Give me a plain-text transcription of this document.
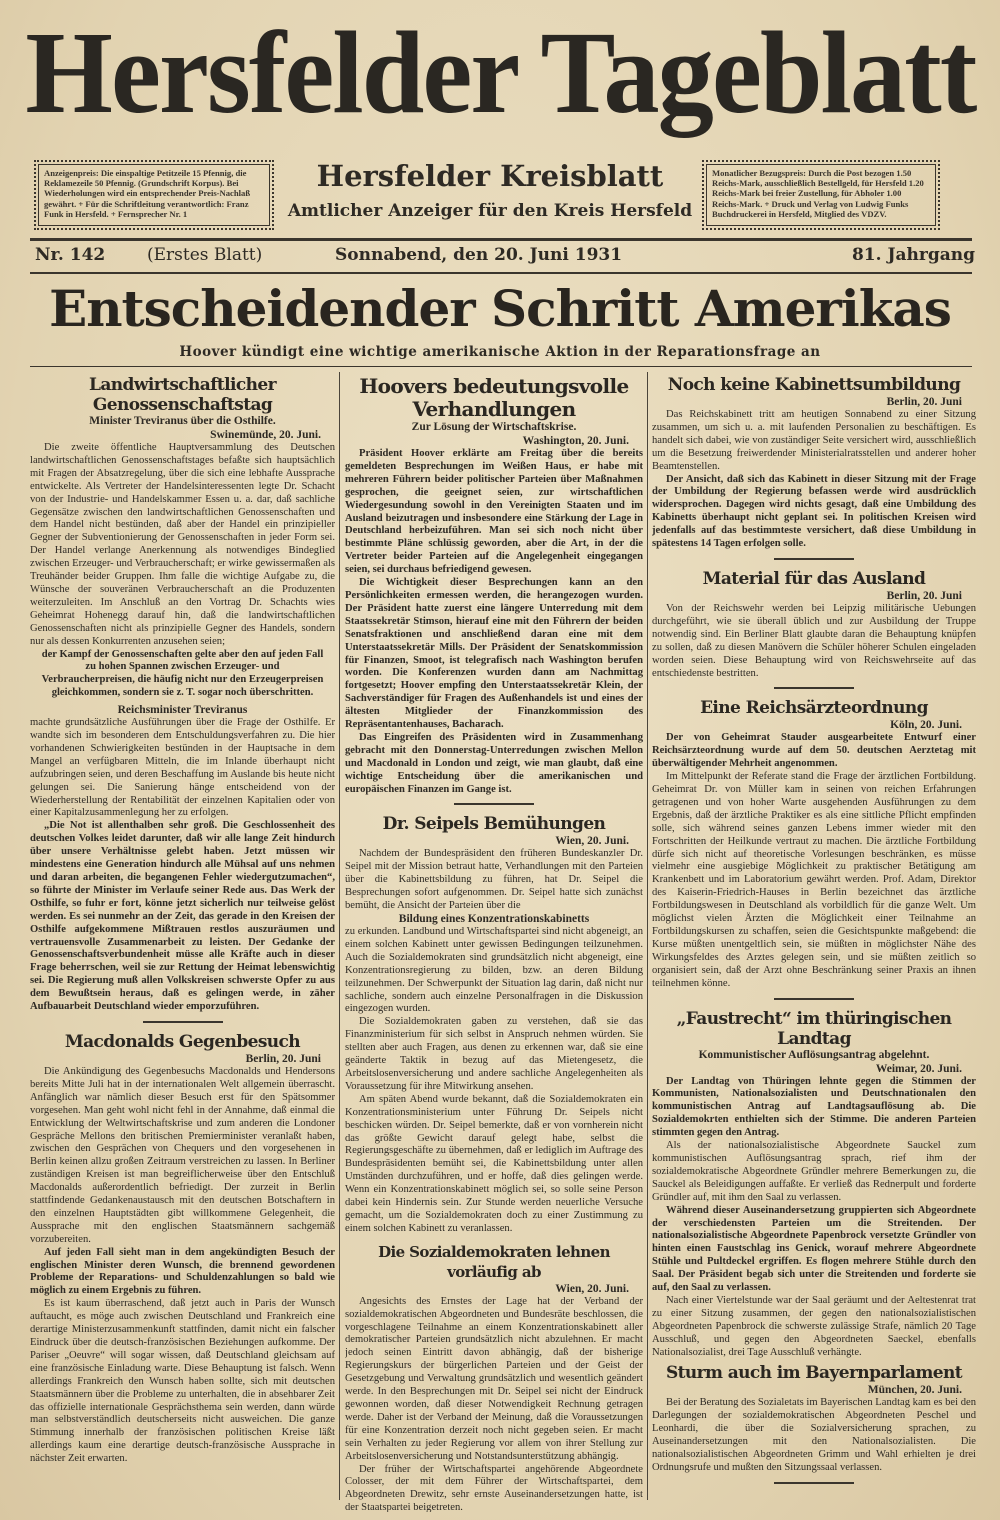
Hersfelder Tageblatt
Anzeigenpreis: Die einspaltige Petitzeile 15 Pfennig, die Reklamezeile 50 Pfennig. (Grundschrift Korpus). Bei Wiederholungen wird ein entsprechender Preis-Nachlaß gewährt. + Für die Schriftleitung verantwortlich: Franz Funk in Hersfeld. + Fernsprecher Nr. 1
Hersfelder Kreisblatt
Amtlicher Anzeiger für den Kreis Hersfeld
Monatlicher Bezugspreis: Durch die Post bezogen 1.50 Reichs-Mark, ausschließlich Bestellgeld, für Hersfeld 1.20 Reichs-Mark bei freier Zustellung, für Abholer 1.00 Reichs-Mark. + Druck und Verlag von Ludwig Funks Buchdruckerei in Hersfeld, Mitglied des VDZV.
Nr. 142 (Erstes Blatt)	Sonnabend, den 20. Juni 1931	81. Jahrgang
Entscheidender Schritt Amerikas
Hoover kündigt eine wichtige amerikanische Aktion in der Reparationsfrage an
Landwirtschaftlicher Genossenschaftstag
Minister Treviranus über die Osthilfe.
Swinemünde, 20. Juni.

Die zweite öffentliche Hauptversammlung des Deutschen landwirtschaftlichen Genossenschaftstages befaßte sich hauptsächlich mit Fragen der Absatzregelung, über die sich eine lebhafte Aussprache entwickelte. Als Vertreter der Handelsinteressenten legte Dr. Schacht von der Industrie- und Handelskammer Essen u. a. dar, daß sachliche Gegensätze zwischen den landwirtschaftlichen Genossenschaften und dem Handel nicht bestünden, daß aber der Handel ein prinzipieller Gegner der Subventionierung der Genossenschaften in jeder Form sei. Der Handel verlange Anerkennung als notwendiges Bindeglied zwischen Erzeuger- und Verbraucherschaft; er wirke gewissermaßen als Treuhänder beider Gruppen. Ihm falle die wichtige Aufgabe zu, die Wünsche der souveränen Verbraucherschaft an die Produzenten weiterzuleiten. Im Anschluß an den Vortrag Dr. Schachts wies Geheimrat Hohenegg darauf hin, daß die landwirtschaftlichen Genossenschaften nicht als prinzipielle Gegner des Handels, sondern nur als dessen Konkurrenten anzusehen seien;

der Kampf der Genossenschaften gelte aber den auf jeden Fall zu hohen Spannen zwischen Erzeuger- und Verbraucherpreisen, die häufig nicht nur den Erzeugerpreisen gleichkommen, sondern sie z. T. sogar noch überschritten.

Reichsminister Treviranus

machte grundsätzliche Ausführungen über die Frage der Osthilfe. Er wandte sich im besonderen dem Entschuldungsverfahren zu. Die hier vorhandenen Schwierigkeiten bestünden in der Hauptsache in dem Mangel an verfügbaren Mitteln, die im Inlande überhaupt nicht aufzubringen seien, und deren Beschaffung im Auslande bis heute nicht gelungen sei. Die Sanierung hänge entscheidend von der Wiederherstellung der Rentabilität der einzelnen Kapitalien oder von einer Kapitalzusammenlegung her zu erfolgen.

„Die Not ist allenthalben sehr groß. Die Geschlossenheit des deutschen Volkes leidet darunter, daß wir alle lange Zeit hindurch über unsere Verhältnisse gelebt haben. Jetzt müssen wir mindestens eine Generation hindurch alle Mühsal auf uns nehmen und daran arbeiten, die begangenen Fehler wiedergutzumachen“, so führte der Minister im Verlaufe seiner Rede aus. Das Werk der Osthilfe, so fuhr er fort, könne jetzt sicherlich nur teilweise gelöst werden. Es sei nunmehr an der Zeit, das gerade in den Kreisen der Osthilfe aufgekommene Mißtrauen restlos auszuräumen und vertrauensvolle Zusammenarbeit zu leisten. Der Gedanke der Genossenschaftsverbundenheit müsse alle Kräfte auch in dieser Frage beherrschen, weil sie zur Rettung der Heimat lebenswichtig sei. Die Regierung muß allen Volkskreisen schwerste Opfer zu aus dem Bewußtsein heraus, daß es gelingen werde, in zäher Aufbauarbeit Deutschland wieder emporzuführen.

Macdonalds Gegenbesuch
Berlin, 20. Juni

Die Ankündigung des Gegenbesuchs Macdonalds und Hendersons bereits Mitte Juli hat in der internationalen Welt allgemein überrascht. Anfänglich war nämlich dieser Besuch erst für den Spätsommer vorgesehen. Man geht wohl nicht fehl in der Annahme, daß einmal die Entwicklung der Weltwirtschaftskrise und zum anderen die Londoner Gespräche Mellons den britischen Premierminister veranlaßt haben, zwischen den Gesprächen von Chequers und den vorgesehenen in Berlin keinen allzu großen Zeitraum verstreichen zu lassen. In Berliner zuständigen Kreisen ist man begreiflicherweise über den Entschluß Macdonalds außerordentlich befriedigt. Der zurzeit in Berlin stattfindende Gedankenaustausch mit den deutschen Botschaftern in den einzelnen Hauptstädten gibt willkommene Gelegenheit, die Aussprache mit den englischen Staatsmännern sachgemäß vorzubereiten.

Auf jeden Fall sieht man in dem angekündigten Besuch der englischen Minister deren Wunsch, die brennend gewordenen Probleme der Reparations- und Schuldenzahlungen so bald wie möglich zu einem Ergebnis zu führen.

Es ist kaum überraschend, daß jetzt auch in Paris der Wunsch auftaucht, es möge auch zwischen Deutschland und Frankreich eine derartige Ministerzusammenkunft stattfinden, damit nicht ein falscher Eindruck über die deutsch-französischen Beziehungen aufkomme. Der Pariser „Oeuvre“ will sogar wissen, daß Deutschland gleichsam auf eine französische Einladung warte. Diese Behauptung ist falsch. Wenn allerdings Frankreich den Wunsch haben sollte, sich mit deutschen Staatsmännern über die Probleme zu unterhalten, die in absehbarer Zeit das offizielle internationale Gesprächsthema sein werden, dann würde man selbstverständlich deutscherseits nicht ausweichen. Die ganze Stimmung innerhalb der französischen politischen Kreise läßt allerdings kaum eine derartige deutsch-französische Aussprache in nächster Zeit erwarten.

Hoovers bedeutungsvolle Verhandlungen
Zur Lösung der Wirtschaftskrise.
Washington, 20. Juni.

Präsident Hoover erklärte am Freitag über die bereits gemeldeten Besprechungen im Weißen Haus, er habe mit mehreren Führern beider politischer Parteien über Maßnahmen gesprochen, die geeignet seien, zur wirtschaftlichen Wiedergesundung sowohl in den Vereinigten Staaten und im Ausland beizutragen und insbesondere eine Stärkung der Lage in Deutschland herbeizuführen. Man sei sich noch nicht über bestimmte Pläne schlüssig geworden, aber die Art, in der die Vertreter beider Parteien auf die Angelegenheit eingegangen seien, sei durchaus befriedigend gewesen.

Die Wichtigkeit dieser Besprechungen kann an den Persönlichkeiten ermessen werden, die herangezogen wurden. Der Präsident hatte zuerst eine längere Unterredung mit dem Staatssekretär Stimson, hierauf eine mit den Führern der beiden Senatsfraktionen und anschließend daran eine mit dem Unterstaatssekretär Mills. Der Präsident der Senatskommission für Finanzen, Smoot, ist telegrafisch nach Washington berufen worden. Die Konferenzen wurden dann am Nachmittag fortgesetzt; Hoover empfing den Unterstaatssekretär Klein, der Sachverständiger für Fragen des Außenhandels ist und eines der ältesten Mitglieder der Finanzkommission des Repräsentantenhauses, Bacharach.

Das Eingreifen des Präsidenten wird in Zusammenhang gebracht mit den Donnerstag-Unterredungen zwischen Mellon und Macdonald in London und zeigt, wie man glaubt, daß eine wichtige Entscheidung über die amerikanischen und europäischen Finanzen im Gange ist.

Dr. Seipels Bemühungen
Wien, 20. Juni.

Nachdem der Bundespräsident den früheren Bundeskanzler Dr. Seipel mit der Mission betraut hatte, Verhandlungen mit den Parteien über die Kabinettsbildung zu führen, hat Dr. Seipel die Besprechungen sofort aufgenommen. Dr. Seipel hatte sich zunächst bemüht, die Ansicht der Parteien über die

Bildung eines Konzentrationskabinetts

zu erkunden. Landbund und Wirtschaftspartei sind nicht abgeneigt, an einem solchen Kabinett unter gewissen Bedingungen teilzunehmen. Auch die Sozialdemokraten sind grundsätzlich nicht abgeneigt, eine Konzentrationsregierung zu bilden, bzw. an deren Bildung teilzunehmen. Der Schwerpunkt der Situation lag darin, daß nicht nur sachliche, sondern auch einzelne Personalfragen in die Diskussion eingezogen wurden.

Die Sozialdemokraten gaben zu verstehen, daß sie das Finanzministerium für sich selbst in Anspruch nehmen würden. Sie stellten aber auch Fragen, aus denen zu erkennen war, daß sie eine geänderte Taktik in bezug auf das Mietengesetz, die Arbeitslosenversicherung und andere sachliche Angelegenheiten als Voraussetzung für ihre Mitwirkung ansehen.

Am späten Abend wurde bekannt, daß die Sozialdemokraten ein Konzentrationsministerium unter Führung Dr. Seipels nicht beschicken würden. Dr. Seipel bemerkte, daß er von vornherein nicht das größte Gewicht darauf gelegt habe, selbst die Regierungsgeschäfte zu übernehmen, daß er lediglich im Auftrage des Bundespräsidenten bemüht sei, die Kabinettsbildung unter allen Umständen durchzuführen, und er hoffe, daß dies gelingen werde. Wenn ein Konzentrationskabinett möglich sei, so solle seine Person dabei kein Hindernis sein. Zur Stunde werden neuerliche Versuche gemacht, um die Sozialdemokraten doch zu einer Zustimmung zu einem solchen Kabinett zu veranlassen.

Die Sozialdemokraten lehnen vorläufig ab
Wien, 20. Juni.

Angesichts des Ernstes der Lage hat der Verband der sozialdemokratischen Abgeordneten und Bundesräte beschlossen, die vorgeschlagene Teilnahme an einem Konzentrationskabinett aller demokratischer Parteien grundsätzlich nicht abzulehnen. Er macht jedoch seinen Eintritt davon abhängig, daß der bisherige Regierungskurs der bürgerlichen Parteien und der Geist der Gesetzgebung und Verwaltung grundsätzlich und wesentlich geändert werde. In den Besprechungen mit Dr. Seipel sei nicht der Eindruck gewonnen worden, daß dieser Notwendigkeit Rechnung getragen werde. Daher ist der Verband der Meinung, daß die Voraussetzungen für eine Konzentration derzeit noch nicht gegeben seien. Er macht sein Verhalten zu jeder Regierung vor allem von ihrer Stellung zur Arbeitslosenversicherung und Notstandsunterstützung abhängig.

Der früher der Wirtschaftspartei angehörende Abgeordnete Colosser, der mit dem Führer der Wirtschaftspartei, dem Abgeordneten Drewitz, sehr ernste Auseinandersetzungen hatte, ist der Staatspartei beigetreten.

Noch keine Kabinettsumbildung
Berlin, 20. Juni

Das Reichskabinett tritt am heutigen Sonnabend zu einer Sitzung zusammen, um sich u. a. mit laufenden Personalien zu beschäftigen. Es handelt sich dabei, wie von zuständiger Seite versichert wird, ausschließlich um die Besetzung freiwerdender Ministerialratsstellen und anderer hoher Beamtenstellen.

Der Ansicht, daß sich das Kabinett in dieser Sitzung mit der Frage der Umbildung der Regierung befassen werde wird ausdrücklich widersprochen. Dagegen wird nichts gesagt, daß eine Umbildung des Kabinetts überhaupt nicht geplant sei. In politischen Kreisen wird jedenfalls auf das bestimmteste versichert, daß diese Umbildung in spätestens 14 Tagen erfolgen solle.

Material für das Ausland
Berlin, 20. Juni

Von der Reichswehr werden bei Leipzig militärische Uebungen durchgeführt, wie sie überall üblich und zur Ausbildung der Truppe notwendig sind. Ein Berliner Blatt glaubte daran die Behauptung knüpfen zu sollen, daß zu diesen Manövern die Schüler höherer Schulen eingeladen worden seien. Diese Behauptung wird von Reichswehrseite auf das entschiedenste bestritten.

Eine Reichsärzteordnung
Köln, 20. Juni.

Der von Geheimrat Stauder ausgearbeitete Entwurf einer Reichsärzteordnung wurde auf dem 50. deutschen Aerztetag mit überwältigender Mehrheit angenommen.

Im Mittelpunkt der Referate stand die Frage der ärztlichen Fortbildung. Geheimrat Dr. von Müller kam in seinen von reichen Erfahrungen getragenen und von hoher Warte ausgehenden Ausführungen zu dem Ergebnis, daß der ärztliche Praktiker es als eine sittliche Pflicht empfinden solle, sich während seines ganzen Lebens immer wieder mit den Fortschritten der Heilkunde vertraut zu machen. Die ärztliche Fortbildung dürfe sich nicht auf theoretische Vorlesungen beschränken, es müsse vielmehr eine ausgiebige Möglichkeit zu praktischer Betätigung am Krankenbett und im Laboratorium gewährt werden. Prof. Adam, Direktor des Kaiserin-Friedrich-Hauses in Berlin bezeichnet das ärztliche Fortbildungswesen in Deutschland als vorbildlich für die ganze Welt. Um möglichst vielen Ärzten die Möglichkeit einer Teilnahme an Fortbildungskursen zu schaffen, seien die Gesichtspunkte maßgebend: die Kurse müßten unentgeltlich sein, sie müßten in möglichster Nähe des Wirkungsfeldes des Arztes gelegen sein, und sie müßten zeitlich so organisiert sein, daß der Arzt ohne Beschränkung seiner Praxis an ihnen teilnehmen könne.

„Faustrecht“ im thüringischen Landtag
Kommunistischer Auflösungsantrag abgelehnt.
Weimar, 20. Juni.

Der Landtag von Thüringen lehnte gegen die Stimmen der Kommunisten, Nationalsozialisten und Deutschnationalen den kommunistischen Antrag auf Landtagsauflösung ab. Die Sozialdemokrten enthielten sich der Stimme. Die anderen Parteien stimmten gegen den Antrag.

Als der nationalsozialistische Abgeordnete Sauckel zum kommunistischen Auflösungsantrag sprach, rief ihm der sozialdemokratische Abgeordnete Gründler mehrere Bemerkungen zu, die Sauckel als Beleidigungen auffaßte. Er verließ das Rednerpult und forderte Gründler auf, mit ihm den Saal zu verlassen.

Während dieser Auseinandersetzung gruppierten sich Abgeordnete der verschiedensten Parteien um die Streitenden. Der nationalsozialistische Abgeordnete Papenbrock versetzte Gründler von hinten einen Faustschlag ins Genick, worauf mehrere Abgeordnete Stühle und Pultdeckel ergriffen. Es flogen mehrere Stühle durch den Saal. Der Präsident begab sich unter die Streitenden und forderte sie auf, den Saal zu verlassen.

Nach einer Viertelstunde war der Saal geräumt und der Aeltestenrat trat zu einer Sitzung zusammen, der gegen den nationalsozialistischen Abgeordneten Papenbrock die schwerste zulässige Strafe, nämlich 20 Tage Ausschluß, und gegen den Abgeordneten Saeckel, ebenfalls Nationalsozialist, drei Tage Ausschluß verhängte.

Sturm auch im Bayernparlament
München, 20. Juni.

Bei der Beratung des Sozialetats im Bayerischen Landtag kam es bei den Darlegungen der sozialdemokratischen Abgeordneten Peschel und Leonhardi, die über die Sozialversicherung sprachen, zu Auseinandersetzungen mit den Nationalsozialisten. Die nationalsozialistischen Abgeordneten Grimm und Wahl erhielten je drei Ordnungsrufe und mußten den Sitzungssaal verlassen.
